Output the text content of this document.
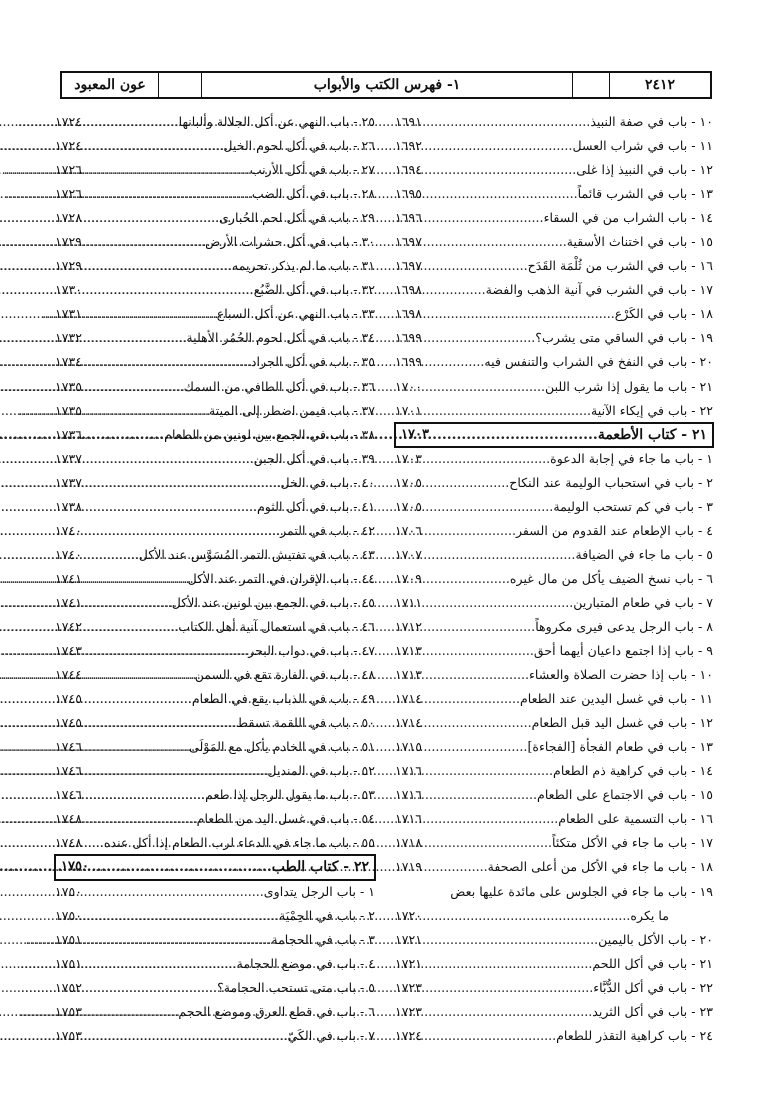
عون المعبود	١- فهرس الكتب والأبواب	٢٤١٢
١٠ - باب في صفة النبيذ
.....
١٦٩١
١١ - باب في شراب العسل
.....
١٦٩٢
١٢ - باب في النبيذ إذا غلى
.....
١٦٩٤
١٣ - باب في الشرب قائماً
.....
١٦٩٥
١٤ - باب الشراب من في السقاء
.....
١٦٩٦
١٥ - باب في اختناث الأسقية
.....
١٦٩٧
١٦ - باب في الشرب من ثُلْمَة القَدَح
.....
١٦٩٧
١٧ - باب في الشرب في آنية الذهب والفضة
.....
١٦٩٨
١٨ - باب في الكَرْع
.....
١٦٩٨
١٩ - باب في الساقي متى يشرب؟
.....
١٦٩٩
٢٠ - باب في النفخ في الشراب والتنفس فيه
.....
١٦٩٩
٢١ - باب ما يقول إذا شرب اللبن
.....
١٧٠٠
٢٢ - باب في إيكاء الآنية
.....
١٧٠١
٢١ - كتاب الأطعمة
.....
١٧٠٣
١ - باب ما جاء في إجابة الدعوة
.....
١٧٠٣
٢ - باب في استحباب الوليمة عند النكاح
.....
١٧٠٥
٣ - باب في كم تستحب الوليمة
.....
١٧٠٥
٤ - باب الإطعام عند القدوم من السفر
.....
١٧٠٦
٥ - باب ما جاء في الضيافة
.....
١٧٠٧
٦ - باب نسخ الضيف يأكل من مال غيره
.....
١٧٠٩
٧ - باب في طعام المتبارين
.....
١٧١١
٨ - باب الرجل يدعى فيرى مكروهاً
.....
١٧١٢
٩ - باب إذا اجتمع داعيان أيهما أحق
.....
١٧١٣
١٠ - باب إذا حضرت الصلاة والعشاء
.....
١٧١٣
١١ - باب في غسل اليدين عند الطعام
.....
١٧١٤
١٢ - باب في غسل اليد قبل الطعام
.....
١٧١٤
١٣ - باب في طعام الفجأة [الفجاءة]
.....
١٧١٥
١٤ - باب في كراهية ذم الطعام
.....
١٧١٦
١٥ - باب في الاجتماع على الطعام
.....
١٧١٦
١٦ - باب التسمية على الطعام
.....
١٧١٦
١٧ - باب ما جاء في الأكل متكئاً
.....
١٧١٨
١٨ - باب ما جاء في الأكل من أعلى الصحفة
.....
١٧١٩
١٩ - باب ما جاء في الجلوس على مائدة عليها بعض
ما يكره
.....
١٧٢٠
٢٠ - باب الأكل باليمين
.....
١٧٢١
٢١ - باب في أكل اللحم
.....
١٧٢١
٢٢ - باب في أكل الدُّبَّاء
.....
١٧٢٣
٢٣ - باب في أكل الثريد
.....
١٧٢٣
٢٤ - باب كراهية التقذر للطعام
.....
١٧٢٤
٢٥ - باب النهي عن أكل الجلالة وألبانها
.....
١٧٢٤
٢٦ - باب في أكل لحوم الخيل
.....
١٧٢٤
٢٧ - باب في أكل الأرنب
.....
١٧٢٦
٢٨ - باب في أكل الضب
.....
١٧٢٦
٢٩ - باب في أكل لحم الحُبارى
.....
١٧٢٨
٣٠ - باب في أكل حشرات الأرض
.....
١٧٢٩
٣١ - باب ما لم يذكر تحريمه
.....
١٧٢٩
٣٢ - باب في أكل الضَّبُع
.....
١٧٣٠
٣٣ - باب النهي عن أكل السباع
.....
١٧٣١
٣٤ - باب في أكل لحوم الحُمُر الأهلية
.....
١٧٣٢
٣٥ - باب في أكل الجراد
.....
١٧٣٤
٣٦ - باب في أكل الطافي من السمك
.....
١٧٣٥
٣٧ - باب فيمن اضطر إلى الميتة
.....
١٧٣٥
٣٨ - باب في الجمع بين لونين من الطعام
.....
١٧٣٦
٣٩ - باب في أكل الجبن
.....
١٧٣٧
٤٠ - باب في الخل
.....
١٧٣٧
٤١ - باب في أكل الثوم
.....
١٧٣٨
٤٢ - باب في التمر
.....
١٧٤٠
٤٣ - باب في تفتيش التمر المُسَوَّس عند الأكل
.....
١٧٤٠
٤٤ - باب الإقران في التمر عند الأكل
.....
١٧٤١
٤٥ - باب في الجمع بين لونين عند الأكل
.....
١٧٤١
٤٦ - باب في استعمال آنية أهل الكتاب
.....
١٧٤٢
٤٧ - باب في دواب البحر
.....
١٧٤٣
٤٨ - باب في الفارة تقع في السمن
.....
١٧٤٤
٤٩ - باب في الذباب يقع في الطعام
.....
١٧٤٥
٥٠ - باب في اللقمة تسقط
.....
١٧٤٥
٥١ - باب في الخادم يأكل مع المَوْلَى
.....
١٧٤٦
٥٢ - باب في المنديل
.....
١٧٤٦
٥٣ - باب ما يقول الرجل إذا طعم
.....
١٧٤٦
٥٤ - باب في غسل اليد من الطعام
.....
١٧٤٨
٥٥ - باب ما جاء في الدعاء لرب الطعام إذا أكل عنده
.....
١٧٤٨
٢٢ - كتاب الطب
.....
١٧٥٠
١ - باب الرجل يتداوى
.....
١٧٥٠
٢ - باب في الحِمْيَة
.....
١٧٥٠
٣ - باب في الحجامة
.....
١٧٥١
٤ - باب في موضع الحجامة
.....
١٧٥١
٥ - باب متى تستحب الحجامة؟
.....
١٧٥٢
٦ - باب في قطع العرق وموضع الحجم
.....
١٧٥٣
٧ - باب في الكَيّ
.....
١٧٥٣
